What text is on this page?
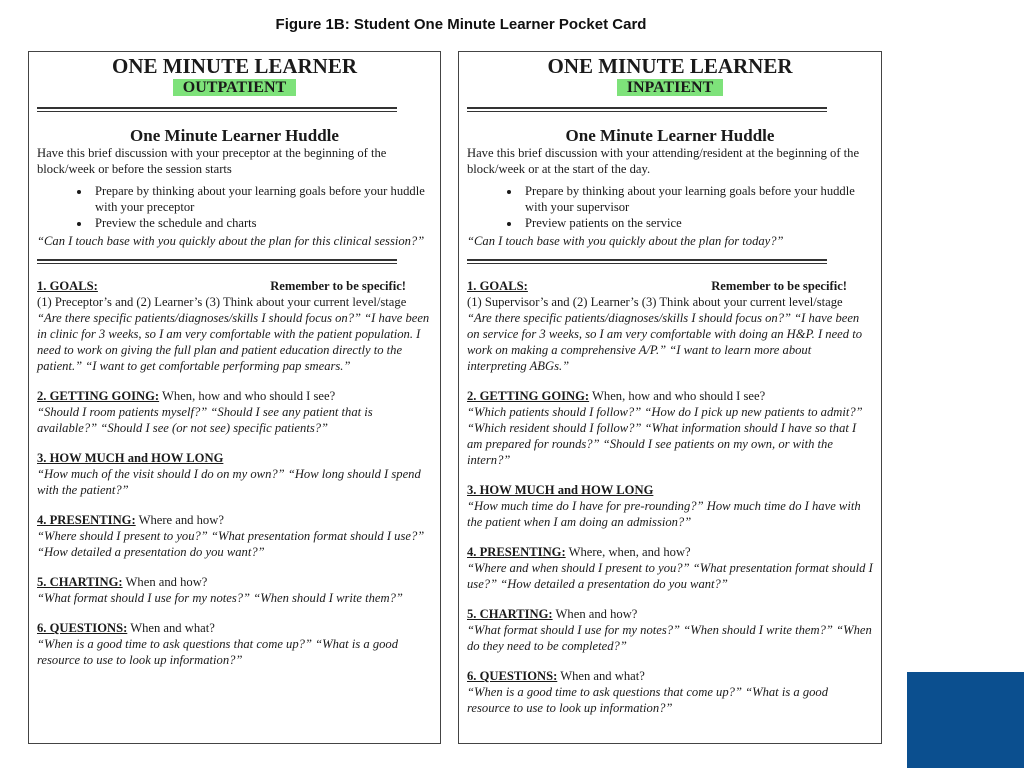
Figure 1B: Student One Minute Learner Pocket Card
ONE MINUTE LEARNER
OUTPATIENT
One Minute Learner Huddle
Have this brief discussion with your preceptor at the beginning of the block/week or before the session starts
• Prepare by thinking about your learning goals before your huddle with your preceptor
• Preview the schedule and charts
“Can I touch base with you quickly about the plan for this clinical session?”
Remember to be specific!
1. GOALS:
(1) Preceptor’s and (2) Learner’s (3) Think about your current level/stage
“Are there specific patients/diagnoses/skills I should focus on?” “I have been in clinic for 3 weeks, so I am very comfortable with the patient population. I need to work on giving the full plan and patient education directly to the patient.” “I want to get comfortable performing pap smears.”
2. GETTING GOING: When, how and who should I see?
“Should I room patients myself?” “Should I see any patient that is available?” “Should I see (or not see) specific patients?”
3. HOW MUCH and HOW LONG
“How much of the visit should I do on my own?” “How long should I spend with the patient?”
4. PRESENTING: Where and how?
“Where should I present to you?” “What presentation format should I use?” “How detailed a presentation do you want?”
5. CHARTING: When and how?
“What format should I use for my notes?” “When should I write them?”
6. QUESTIONS: When and what?
“When is a good time to ask questions that come up?” “What is a good resource to use to look up information?”
ONE MINUTE LEARNER
INPATIENT
One Minute Learner Huddle
Have this brief discussion with your attending/resident at the beginning of the block/week or at the start of the day.
• Prepare by thinking about your learning goals before your huddle with your supervisor
• Preview patients on the service
“Can I touch base with you quickly about the plan for today?”
Remember to be specific!
1. GOALS:
(1) Supervisor’s and (2) Learner’s (3) Think about your current level/stage
“Are there specific patients/diagnoses/skills I should focus on?” “I have been on service for 3 weeks, so I am very comfortable with doing an H&P. I need to work on making a comprehensive A/P.” “I want to learn more about interpreting ABGs.”
2. GETTING GOING: When, how and who should I see?
“Which patients should I follow?” “How do I pick up new patients to admit?” “Which resident should I follow?” “What information should I have so that I am prepared for rounds?” “Should I see patients on my own, or with the intern?”
3. HOW MUCH and HOW LONG
“How much time do I have for pre-rounding?” How much time do I have with the patient when I am doing an admission?”
4. PRESENTING: Where, when, and how?
“Where and when should I present to you?” “What presentation format should I use?” “How detailed a presentation do you want?”
5. CHARTING: When and how?
“What format should I use for my notes?” “When should I write them?” “When do they need to be completed?”
6. QUESTIONS: When and what?
“When is a good time to ask questions that come up?” “What is a good resource to use to look up information?”
